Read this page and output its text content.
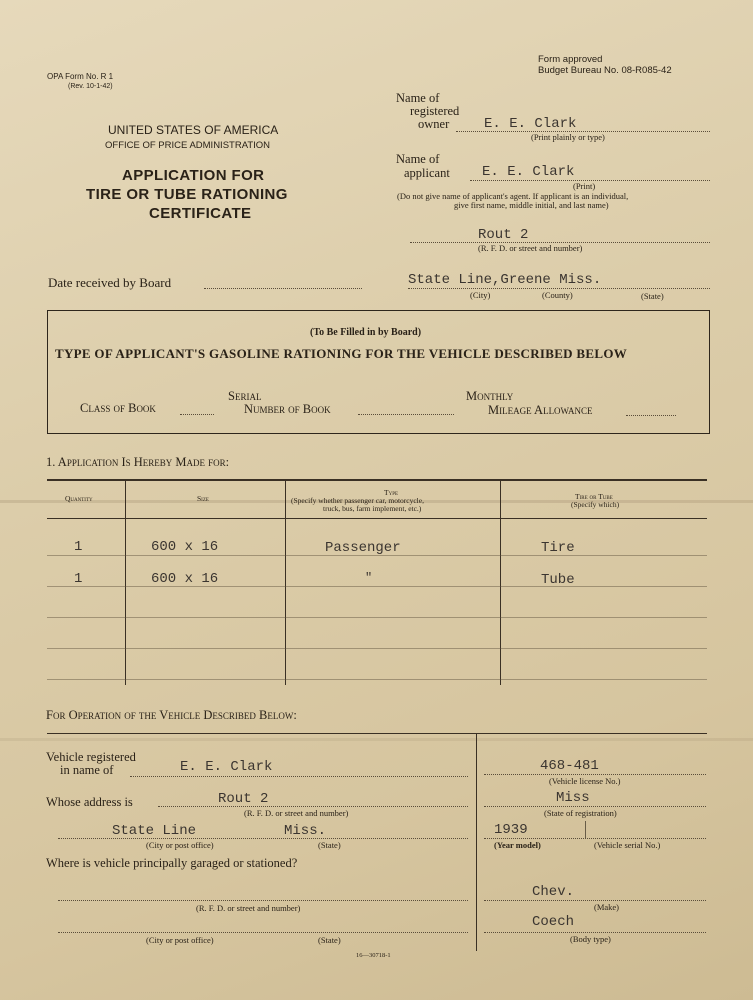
OPA Form No. R 1
(Rev. 10-1-42)
Form approved
Budget Bureau No. 08-R085-42
UNITED STATES OF AMERICA
OFFICE OF PRICE ADMINISTRATION
APPLICATION FOR
TIRE OR TUBE RATIONING
CERTIFICATE
Name of
registered
owner E. E. Clark
(Print plainly or type)
Name of
applicant E. E. Clark
(Print)
(Do not give name of applicant's agent. If applicant is an individual,
give first name, middle initial, and last name)
Rout 2
(R. F. D. or street and number)
State Line,Greene Miss.
(City)	(County)	(State)
Date received by Board
(To Be Filled in by Board)
TYPE OF APPLICANT'S GASOLINE RATIONING FOR THE VEHICLE DESCRIBED BELOW
Class of Book
Serial
Number of Book
Monthly
Mileage Allowance
1. Application Is Hereby Made for:
Quantity	Size
Type
(Specify whether passenger car, motorcycle,
truck, bus, farm implement, etc.)
Tire or Tube
(Specify which)
1	600 x 16	Passenger	Tire
1	600 x 16	"	Tube
For Operation of the Vehicle Described Below:
Vehicle registered
in name of	E. E. Clark
Whose address is	Rout 2
(R. F. D. or street and number)
State Line	Miss.
(City or post office)	(State)
Where is vehicle principally garaged or stationed?
(R. F. D. or street and number)
(City or post office)	(State)
468-481
(Vehicle license No.)
Miss
(State of registration)
1939
(Year model)	(Vehicle serial No.)
Chev.
(Make)
Coech
(Body type)
16—30718-1
